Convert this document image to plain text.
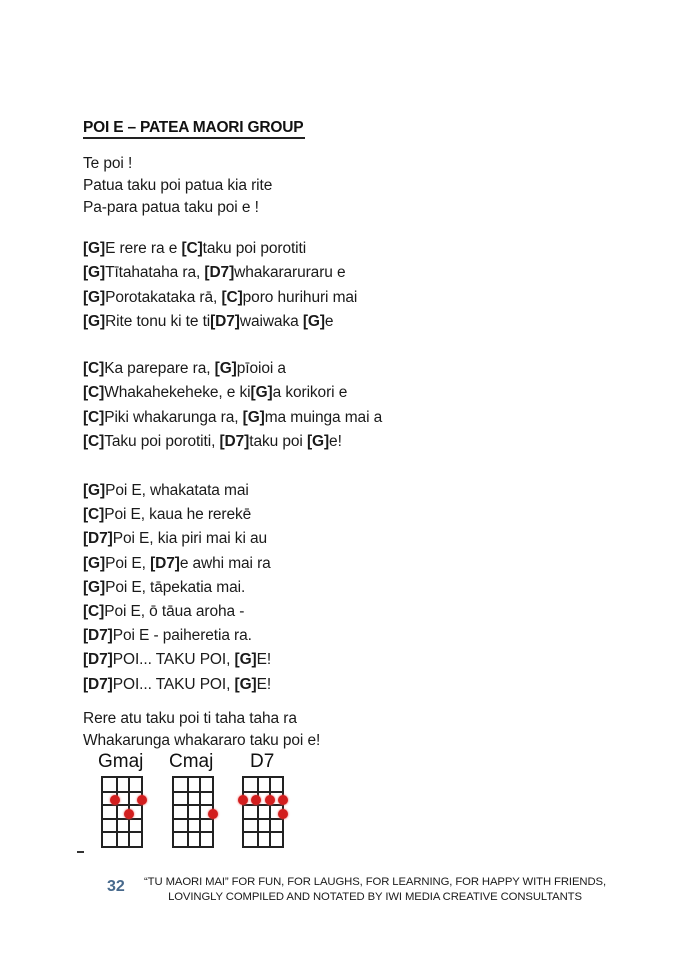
POI E – PATEA MAORI GROUP
Te poi !
Patua taku poi patua kia rite
Pa-para patua taku poi e !
[G]E rere ra e [C]taku poi porotiti
[G]Tītahataha ra, [D7]whakararuraru e
[G]Porotakataka rā, [C]poro hurihuri mai
[G]Rite tonu ki te ti[D7]waiwaka [G]e
[C]Ka parepare ra, [G]pīoioi a
[C]Whakahekeheke, e ki[G]a korikori e
[C]Piki whakarunga ra, [G]ma muinga mai a
[C]Taku poi porotiti, [D7]taku poi [G]e!
[G]Poi E, whakatata mai
[C]Poi E, kaua he rerekē
[D7]Poi E, kia piri mai ki au
[G]Poi E, [D7]e awhi mai ra
[G]Poi E, tāpekatia mai.
[C]Poi E, ō tāua aroha -
[D7]Poi E - paiheretia ra.
[D7]POI... TAKU POI, [G]E!
[D7]POI... TAKU POI, [G]E!
Rere atu taku poi ti taha taha ra
Whakarunga whakararo taku poi e!
Gmaj Cmaj D7
32	“TU MAORI MAI” FOR FUN, FOR LAUGHS, FOR LEARNING, FOR HAPPY WITH FRIENDS,
LOVINGLY COMPILED AND NOTATED BY IWI MEDIA CREATIVE CONSULTANTS
